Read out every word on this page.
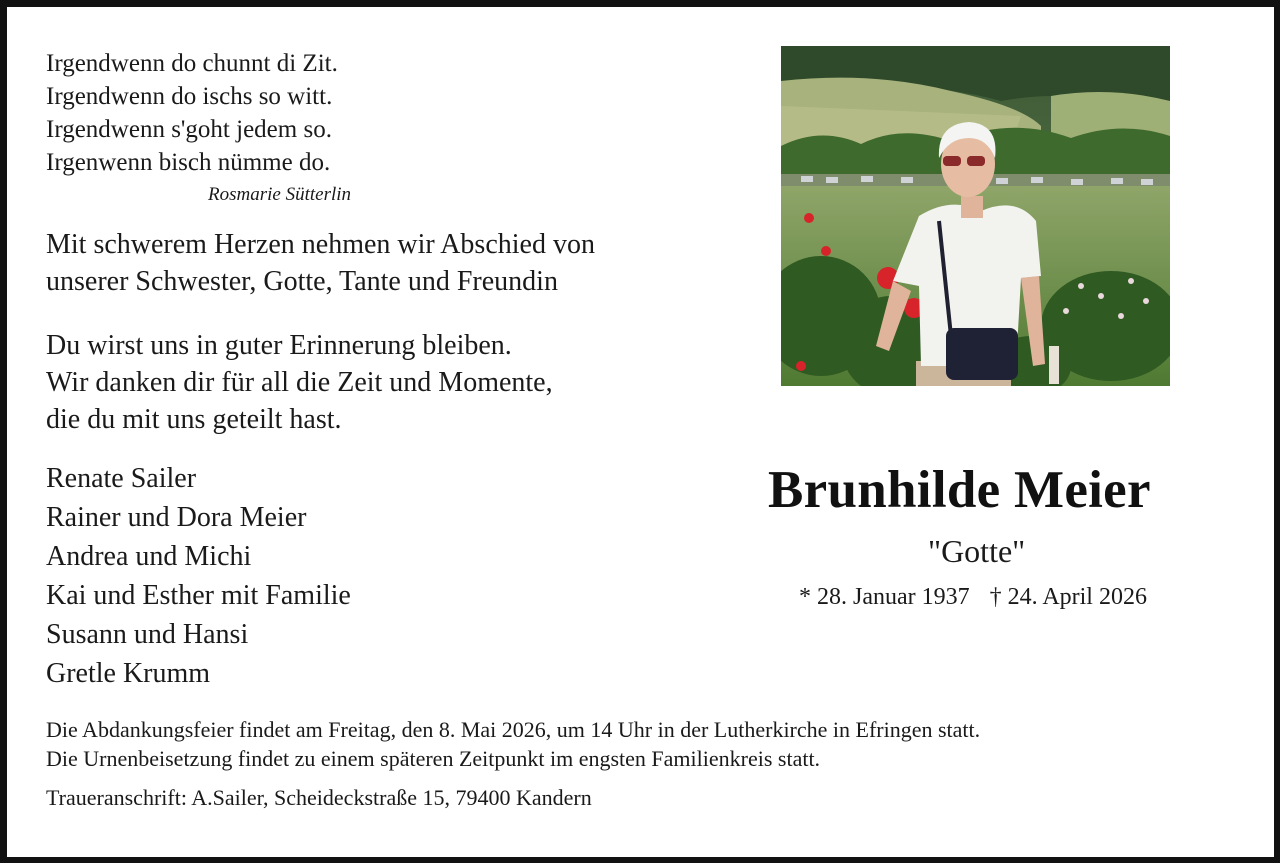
Irgendwenn do chunnt di Zit.
Irgendwenn do ischs so witt.
Irgendwenn s'goht jedem so.
Irgenwenn bisch nümme do.
Rosmarie Sütterlin
Mit schwerem Herzen nehmen wir Abschied von
unserer Schwester, Gotte, Tante und Freundin
Du wirst uns in guter Erinnerung bleiben.
Wir danken dir für all die Zeit und Momente,
die du mit uns geteilt hast.
Renate Sailer
Rainer und Dora Meier
Andrea und Michi
Kai und Esther mit Familie
Susann und Hansi
Gretle Krumm
Brunhilde Meier
"Gotte"
* 28. Januar 1937 † 24. April 2026
Die Abdankungsfeier findet am Freitag, den 8. Mai 2026, um 14 Uhr in der Lutherkirche in Efringen statt.
Die Urnenbeisetzung findet zu einem späteren Zeitpunkt im engsten Familienkreis statt.
Traueranschrift: A.Sailer, Scheideckstraße 15, 79400 Kandern
